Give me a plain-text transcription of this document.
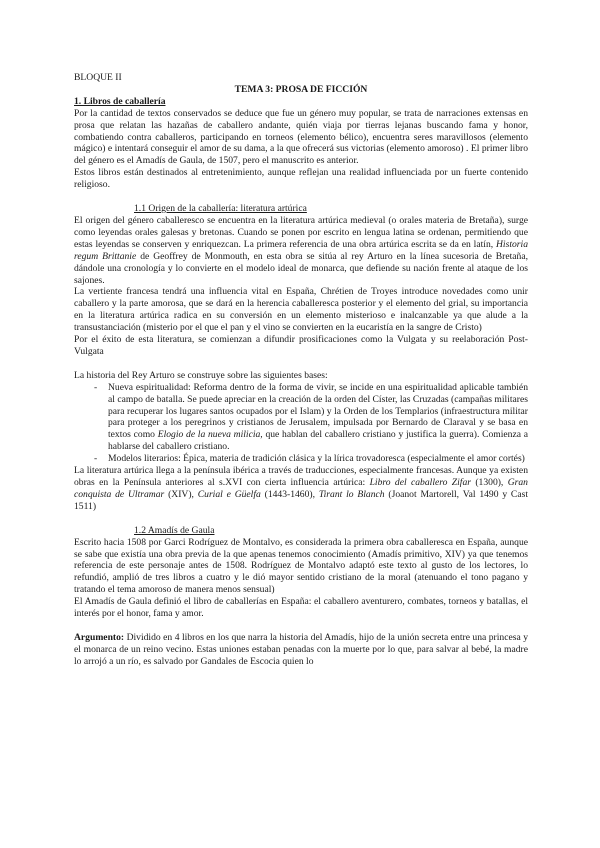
BLOQUE II
TEMA 3: PROSA DE FICCIÓN
1. Libros de caballería

Por la cantidad de textos conservados se deduce que fue un género muy popular, se trata de narraciones extensas en prosa que relatan las hazañas de caballero andante, quién viaja por tierras lejanas buscando fama y honor, combatiendo contra caballeros, participando en torneos (elemento bélico), encuentra seres maravillosos (elemento mágico) e intentará conseguir el amor de su dama, a la que ofrecerá sus victorias (elemento amoroso) . El primer libro del género es el Amadís de Gaula, de 1507, pero el manuscrito es anterior.

Estos libros están destinados al entretenimiento, aunque reflejan una realidad influenciada por un fuerte contenido religioso.

1.1 Origen de la caballería: literatura artúrica

El origen del género caballeresco se encuentra en la literatura artúrica medieval (o orales materia de Bretaña), surge como leyendas orales galesas y bretonas. Cuando se ponen por escrito en lengua latina se ordenan, permitiendo que estas leyendas se conserven y enriquezcan. La primera referencia de una obra artúrica escrita se da en latín, Historia regum Brittanie de Geoffrey de Monmouth, en esta obra se sitúa al rey Arturo en la línea sucesoria de Bretaña, dándole una cronología y lo convierte en el modelo ideal de monarca, que defiende su nación frente al ataque de los sajones.

La vertiente francesa tendrá una influencia vital en España, Chrétien de Troyes introduce novedades como unir caballero y la parte amorosa, que se dará en la herencia caballeresca posterior y el elemento del grial, su importancia en la literatura artúrica radica en su conversión en un elemento misterioso e inalcanzable ya que alude a la transustanciación (misterio por el que el pan y el vino se convierten en la eucaristía en la sangre de Cristo)

Por el éxito de esta literatura, se comienzan a difundir prosificaciones como la Vulgata y su reelaboración Post-Vulgata

La historia del Rey Arturo se construye sobre las siguientes bases:

- Nueva espiritualidad: Reforma dentro de la forma de vivir, se incide en una espiritualidad aplicable también al campo de batalla. Se puede apreciar en la creación de la orden del Císter, las Cruzadas (campañas militares para recuperar los lugares santos ocupados por el Islam) y la Orden de los Templarios (infraestructura militar para proteger a los peregrinos y cristianos de Jerusalem, impulsada por Bernardo de Claraval y se basa en textos como Elogio de la nueva milicia, que hablan del caballero cristiano y justifica la guerra). Comienza a hablarse del caballero cristiano.
- Modelos literarios: Épica, materia de tradición clásica y la lírica trovadoresca (especialmente el amor cortés)

La literatura artúrica llega a la península ibérica a través de traducciones, especialmente francesas. Aunque ya existen obras en la Península anteriores al s.XVI con cierta influencia artúrica: Libro del caballero Zifar (1300), Gran conquista de Ultramar (XIV), Curial e Güelfa (1443-1460), Tirant lo Blanch (Joanot Martorell, Val 1490 y Cast 1511)

1.2 Amadís de Gaula

Escrito hacia 1508 por Garci Rodríguez de Montalvo, es considerada la primera obra caballeresca en España, aunque se sabe que existía una obra previa de la que apenas tenemos conocimiento (Amadís primitivo, XIV) ya que tenemos referencia de este personaje antes de 1508. Rodríguez de Montalvo adaptó este texto al gusto de los lectores, lo refundió, amplió de tres libros a cuatro y le dió mayor sentido cristiano de la moral (atenuando el tono pagano y tratando el tema amoroso de manera menos sensual)

El Amadís de Gaula definió el libro de caballerías en España: el caballero aventurero, combates, torneos y batallas, el interés por el honor, fama y amor.

Argumento: Dividido en 4 libros en los que narra la historia del Amadís, hijo de la unión secreta entre una princesa y el monarca de un reino vecino. Estas uniones estaban penadas con la muerte por lo que, para salvar al bebé, la madre lo arrojó a un río, es salvado por Gandales de Escocia quien lo
